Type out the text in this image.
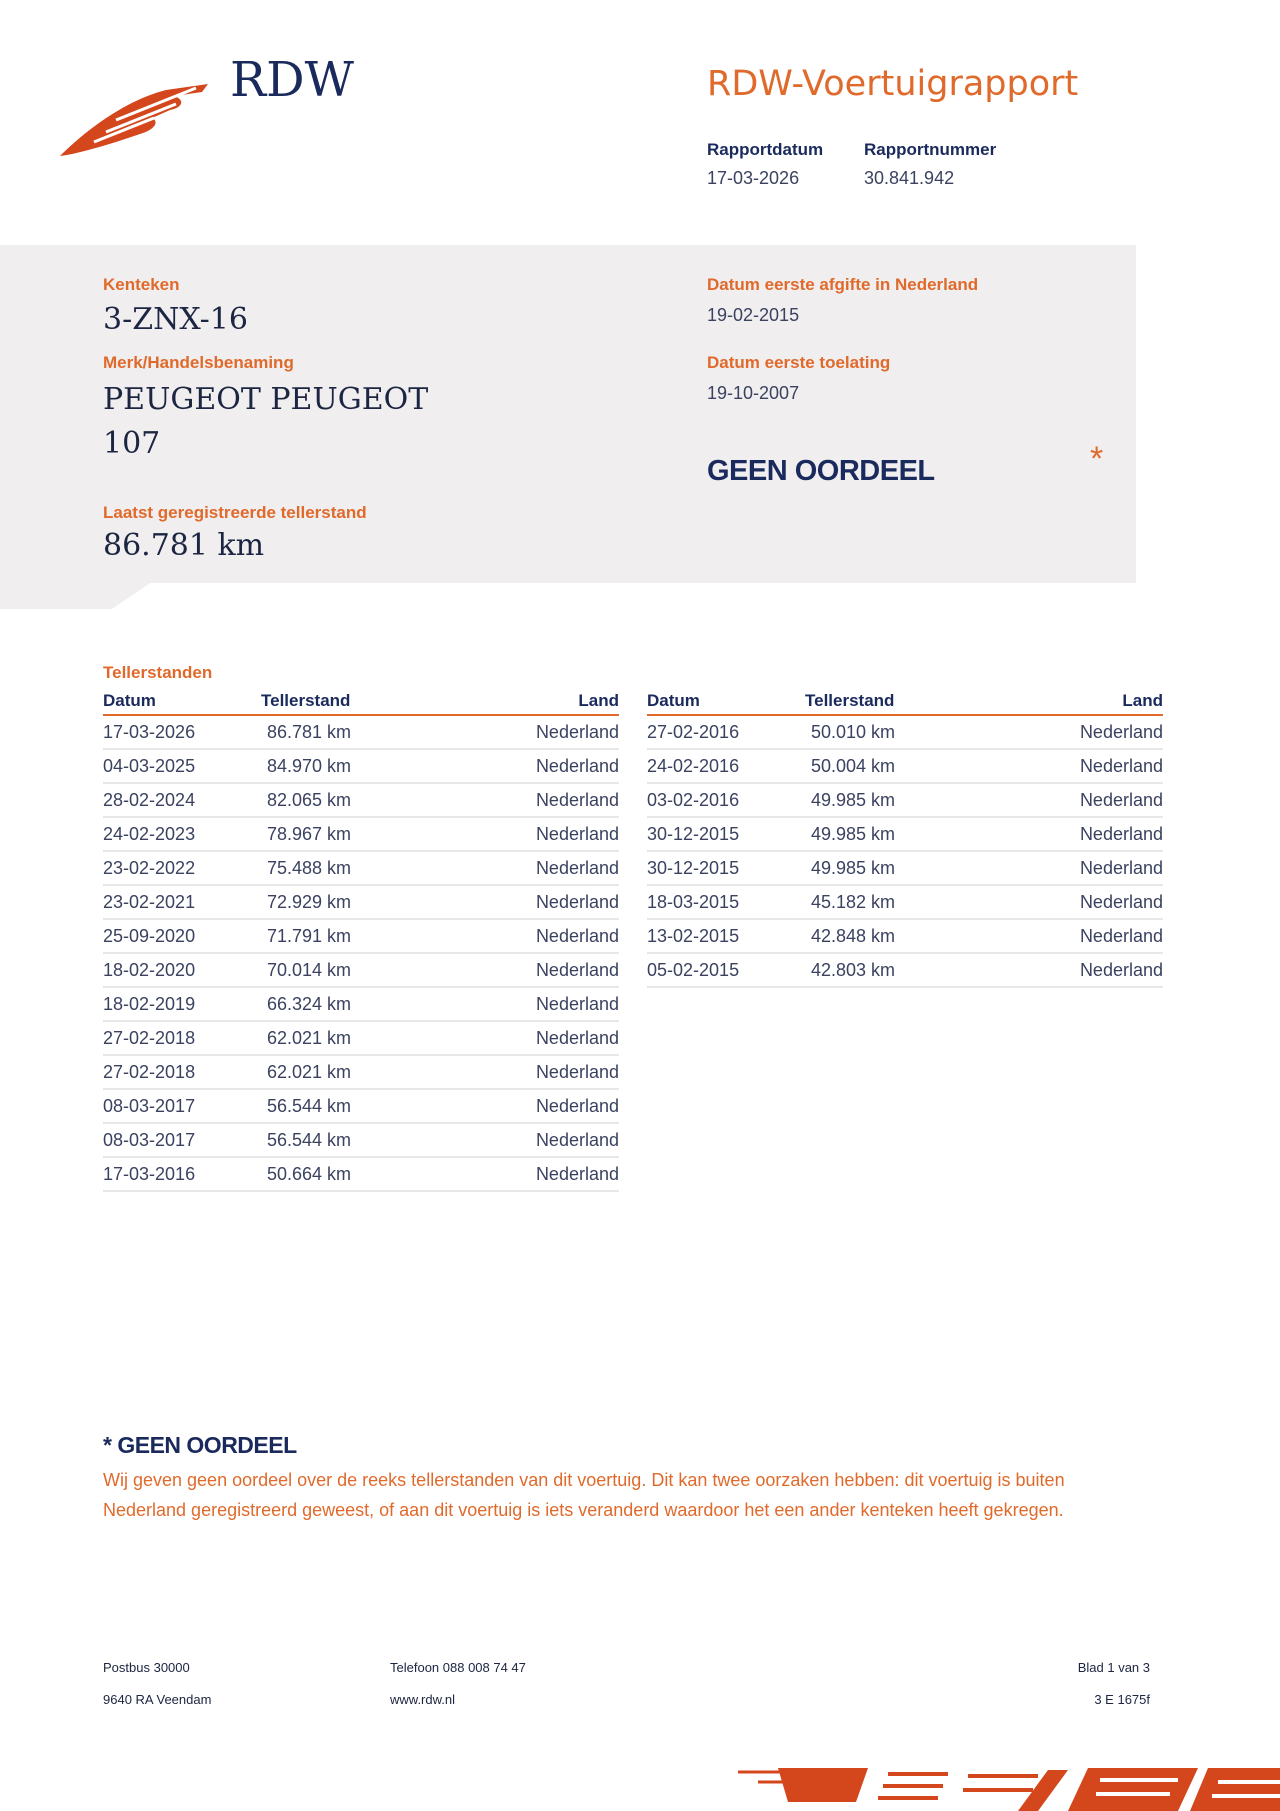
RDW	RDW-Voertuigrapport
Rapportdatum
17-03-2026
Rapportnummer
30.841.942
Kenteken
3-ZNX-16
Merk/Handelsbenaming
PEUGEOT PEUGEOT
107
Laatst geregistreerde tellerstand
86.781 km
Datum eerste afgifte in Nederland
19-02-2015
Datum eerste toelating
19-10-2007
GEEN OORDEEL	*
Tellerstanden
Datum	Tellerstand	Land
17-03-2026	86.781 km	Nederland
04-03-2025	84.970 km	Nederland
28-02-2024	82.065 km	Nederland
24-02-2023	78.967 km	Nederland
23-02-2022	75.488 km	Nederland
23-02-2021	72.929 km	Nederland
25-09-2020	71.791 km	Nederland
18-02-2020	70.014 km	Nederland
18-02-2019	66.324 km	Nederland
27-02-2018	62.021 km	Nederland
27-02-2018	62.021 km	Nederland
08-03-2017	56.544 km	Nederland
08-03-2017	56.544 km	Nederland
17-03-2016	50.664 km	Nederland
Datum	Tellerstand	Land
27-02-2016	50.010 km	Nederland
24-02-2016	50.004 km	Nederland
03-02-2016	49.985 km	Nederland
30-12-2015	49.985 km	Nederland
30-12-2015	49.985 km	Nederland
18-03-2015	45.182 km	Nederland
13-02-2015	42.848 km	Nederland
05-02-2015	42.803 km	Nederland
* GEEN OORDEEL
Wij geven geen oordeel over de reeks tellerstanden van dit voertuig. Dit kan twee oorzaken hebben: dit voertuig is buiten Nederland geregistreerd geweest, of aan dit voertuig is iets veranderd waardoor het een ander kenteken heeft gekregen.
Postbus 30000
9640 RA Veendam
Telefoon 088 008 74 47
www.rdw.nl
Blad 1 van 3
3 E 1675f
